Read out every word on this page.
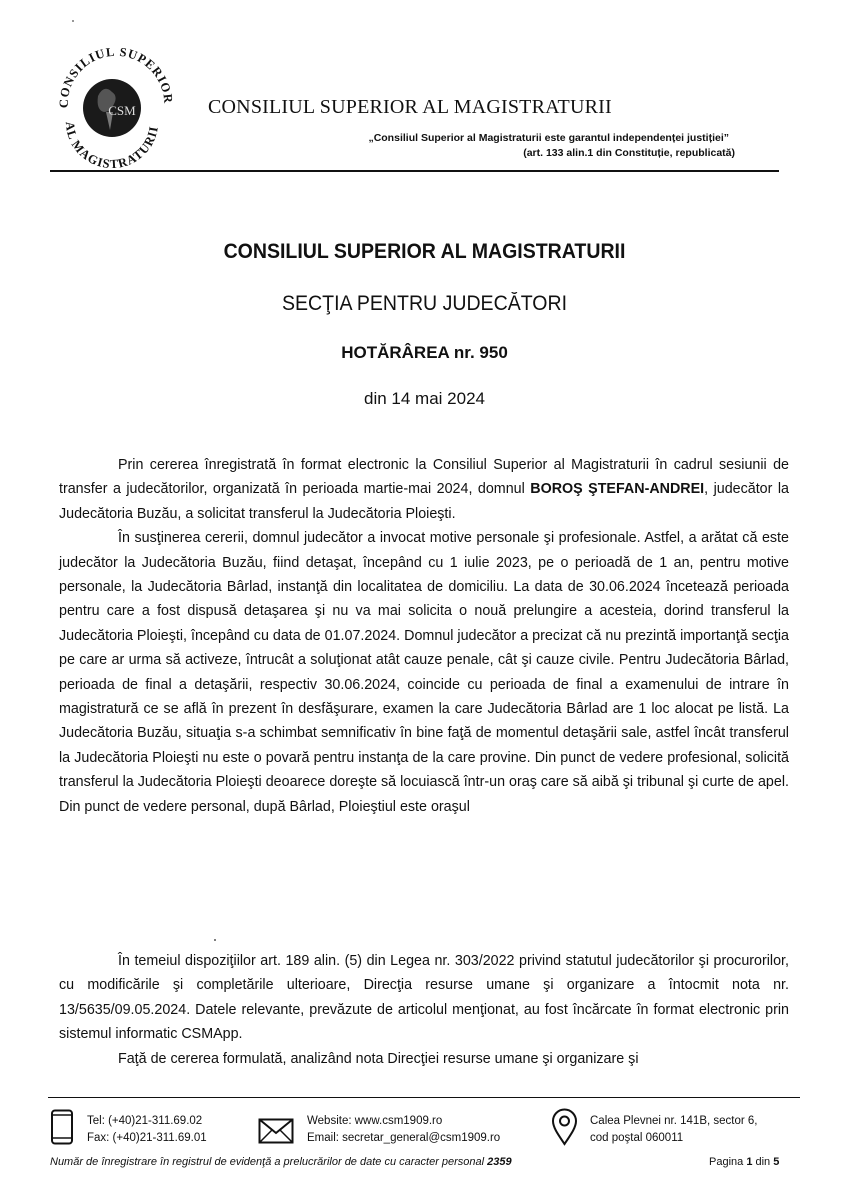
CONSILIUL SUPERIOR
AL MAGISTRATURII
CSM	CONSILIUL SUPERIOR AL MAGISTRATURII
„Consiliul Superior al Magistraturii este garantul independenței justiției”

(art. 133 alin.1 din Constituție, republicată)
CONSILIUL SUPERIOR AL MAGISTRATURII
SECŢIA PENTRU JUDECĂTORI
HOTĂRÂREA nr. 950
din 14 mai 2024

Prin cererea înregistrată în format electronic la Consiliul Superior al Magistraturii în cadrul sesiunii de transfer a judecătorilor, organizată în perioada martie-mai 2024, domnul BOROŞ ŞTEFAN-ANDREI, judecător la Judecătoria Buzău, a solicitat transferul la Judecătoria Ploieşti.

În susţinerea cererii, domnul judecător a invocat motive personale şi profesionale. Astfel, a arătat că este judecător la Judecătoria Buzău, fiind detaşat, începând cu 1 iulie 2023, pe o perioadă de 1 an, pentru motive personale, la Judecătoria Bârlad, instanţă din localitatea de domiciliu. La data de 30.06.2024 încetează perioada pentru care a fost dispusă detaşarea şi nu va mai solicita o nouă prelungire a acesteia, dorind transferul la Judecătoria Ploieşti, începând cu data de 01.07.2024. Domnul judecător a precizat că nu prezintă importanţă secţia pe care ar urma să activeze, întrucât a soluţionat atât cauze penale, cât şi cauze civile. Pentru Judecătoria Bârlad, perioada de final a detaşării, respectiv 30.06.2024, coincide cu perioada de final a examenului de intrare în magistratură ce se află în prezent în desfăşurare, examen la care Judecătoria Bârlad are 1 loc alocat pe listă. La Judecătoria Buzău, situaţia s-a schimbat semnificativ în bine faţă de momentul detaşării sale, astfel încât transferul la Judecătoria Ploieşti nu este o povară pentru instanţa de la care provine. Din punct de vedere profesional, solicită transferul la Judecătoria Ploieşti deoarece doreşte să locuiască într-un oraş care să aibă şi tribunal şi curte de apel. Din punct de vedere personal, după Bârlad, Ploieştiul este oraşul

În temeiul dispoziţiilor art. 189 alin. (5) din Legea nr. 303/2022 privind statutul judecătorilor şi procurorilor, cu modificările şi completările ulterioare, Direcţia resurse umane şi organizare a întocmit nota nr. 13/5635/09.05.2024. Datele relevante, prevăzute de articolul menţionat, au fost încărcate în format electronic prin sistemul informatic CSMApp.

Faţă de cererea formulată, analizând nota Direcţiei resurse umane şi organizare şi

Tel: (+40)21-311.69.02
Fax: (+40)21-311.69.01
Website: www.csm1909.ro
Email: secretar_general@csm1909.ro
Calea Plevnei nr. 141B, sector 6,
cod poştal 060011
Număr de înregistrare în registrul de evidenţă a prelucrărilor de date cu caracter personal 2359	Pagina 1 din 5
